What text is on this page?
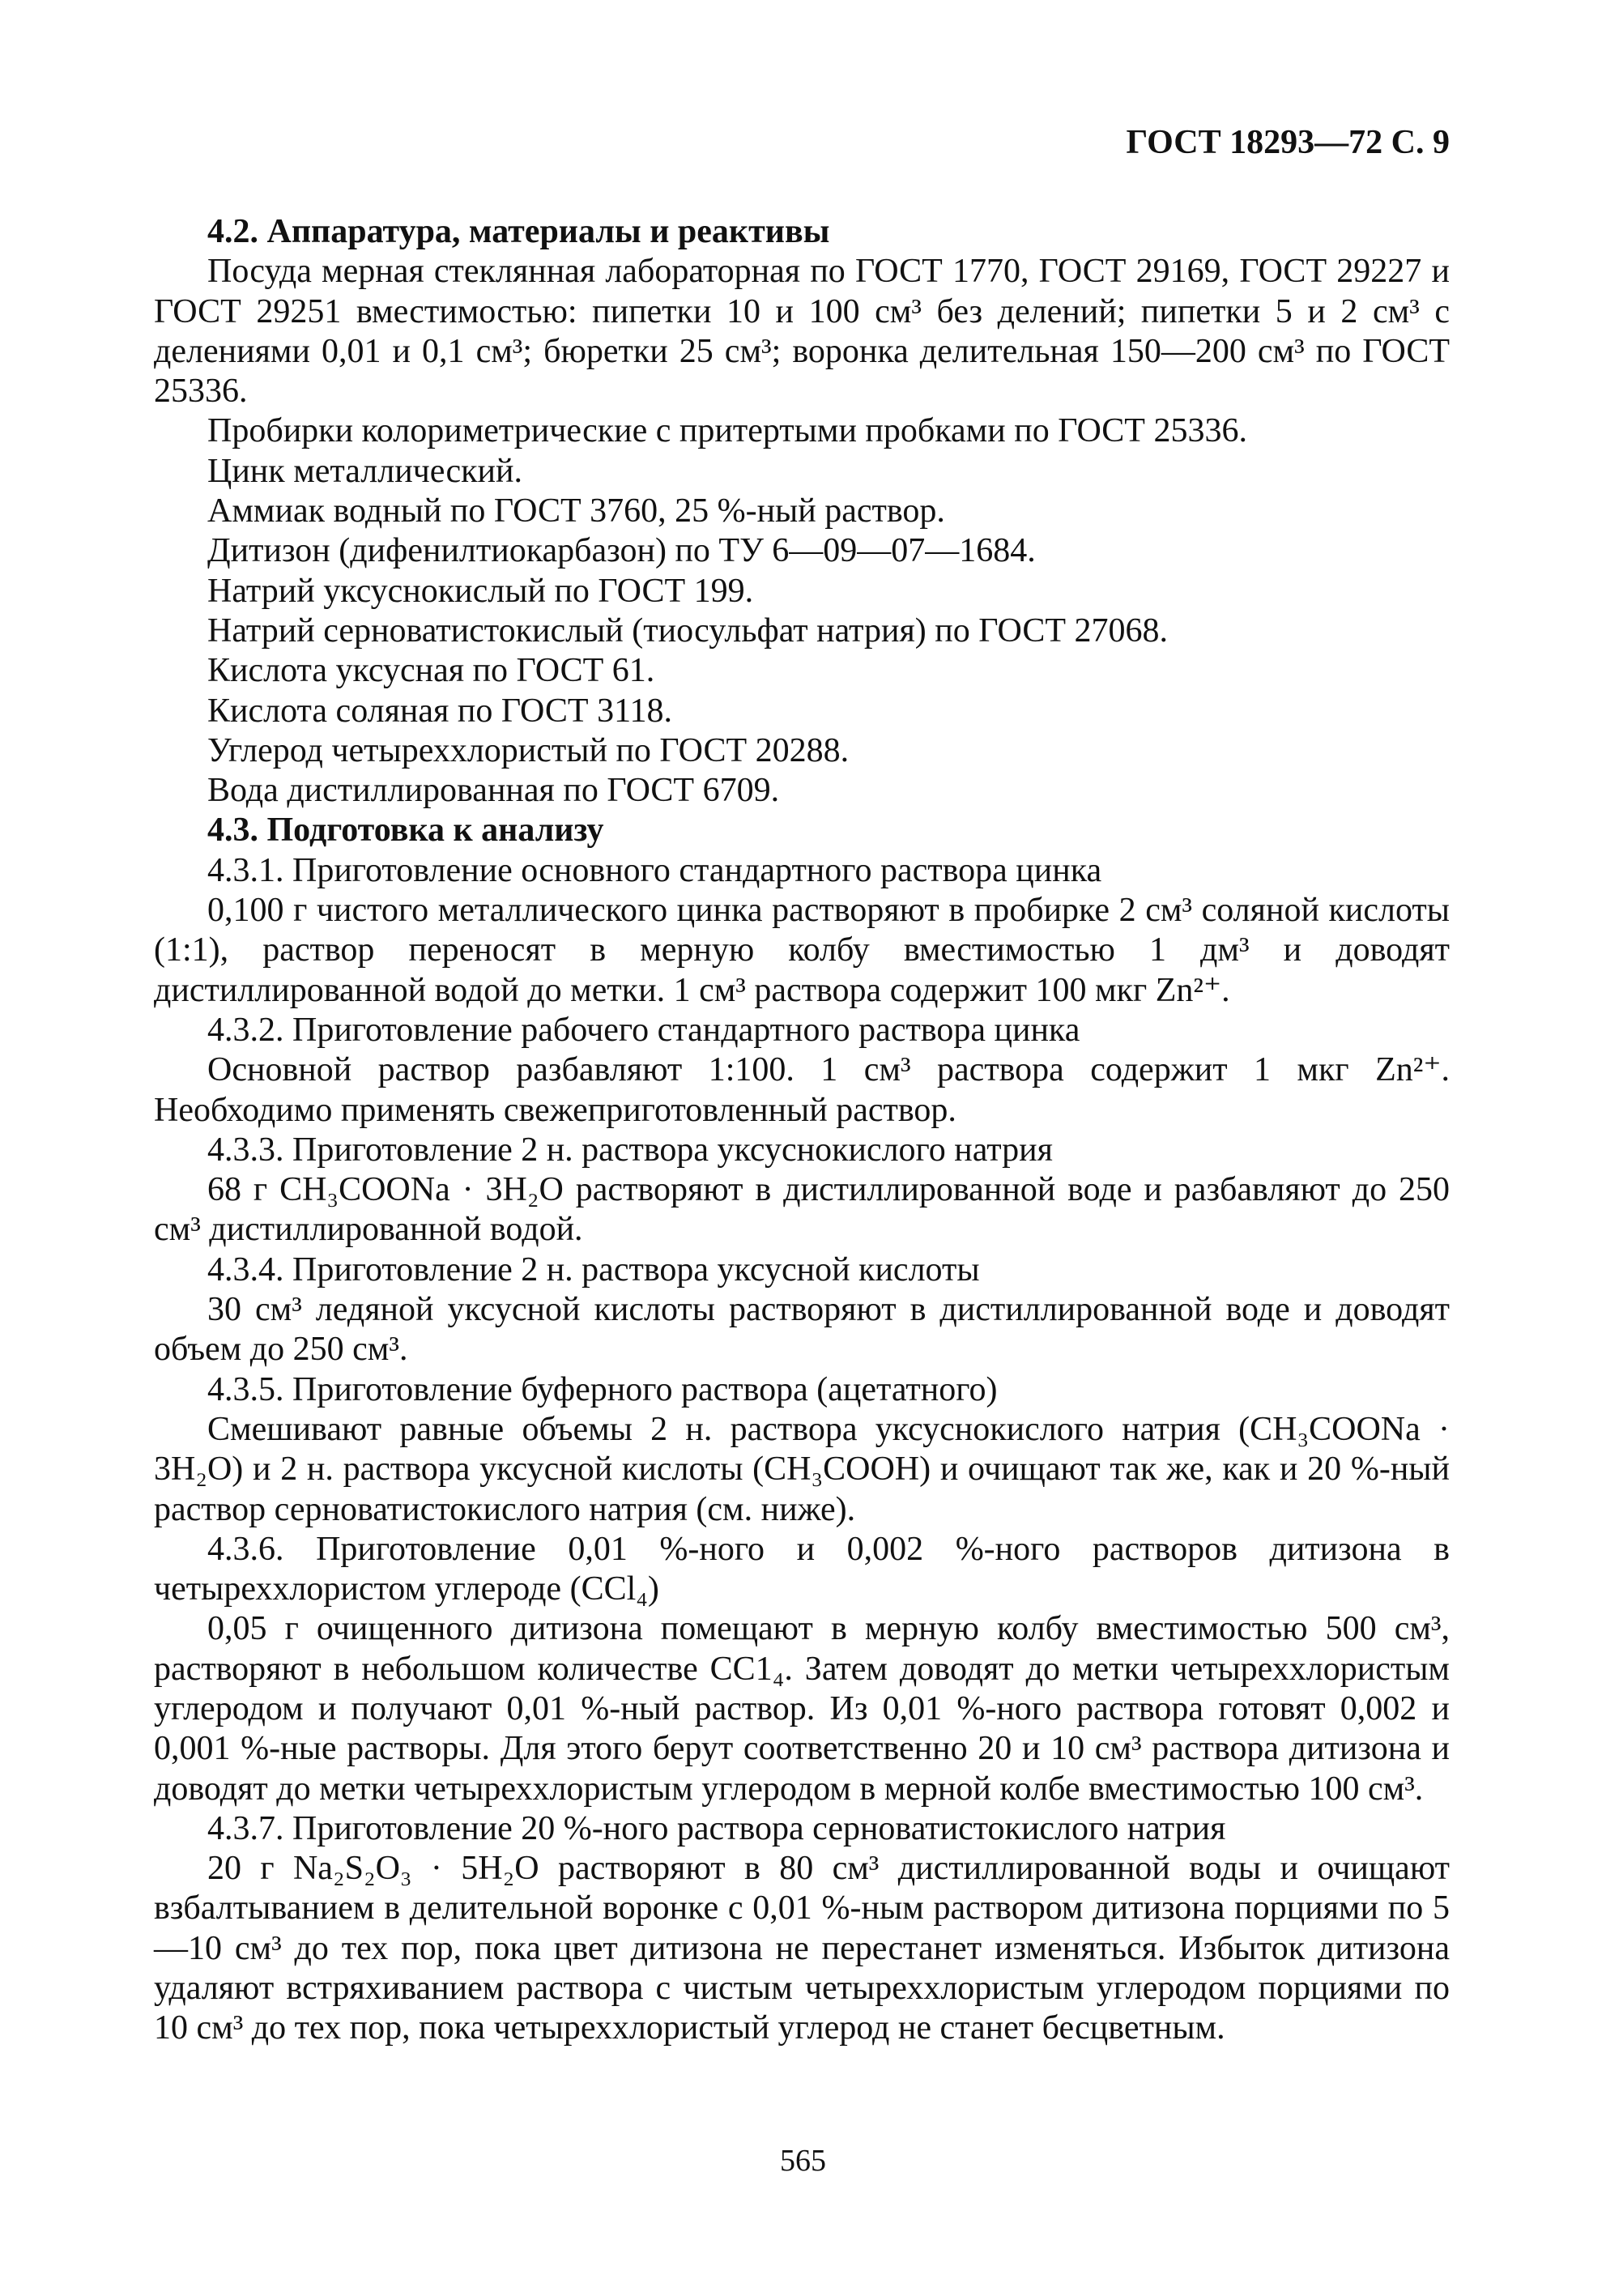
ГОСТ 18293—72 С. 9
4.2. Аппаратура, материалы и реактивы

Посуда мерная стеклянная лабораторная по ГОСТ 1770, ГОСТ 29169, ГОСТ 29227 и ГОСТ 29251 вместимостью: пипетки 10 и 100 см³ без делений; пипетки 5 и 2 см³ с делениями 0,01 и 0,1 см³; бюретки 25 см³; воронка делительная 150—200 см³ по ГОСТ 25336.

Пробирки колориметрические с притертыми пробками по ГОСТ 25336.

Цинк металлический.

Аммиак водный по ГОСТ 3760, 25 %-ный раствор.

Дитизон (дифенилтиокарбазон) по ТУ 6—09—07—1684.

Натрий уксуснокислый по ГОСТ 199.

Натрий серноватистокислый (тиосульфат натрия) по ГОСТ 27068.

Кислота уксусная по ГОСТ 61.

Кислота соляная по ГОСТ 3118.

Углерод четыреххлористый по ГОСТ 20288.

Вода дистиллированная по ГОСТ 6709.

4.3. Подготовка к анализу

4.3.1. Приготовление основного стандартного раствора цинка

0,100 г чистого металлического цинка растворяют в пробирке 2 см³ соляной кислоты (1:1), раствор переносят в мерную колбу вместимостью 1 дм³ и доводят дистиллированной водой до метки. 1 см³ раствора содержит 100 мкг Zn²⁺.

4.3.2. Приготовление рабочего стандартного раствора цинка

Основной раствор разбавляют 1:100. 1 см³ раствора содержит 1 мкг Zn²⁺. Необходимо применять свежеприготовленный раствор.

4.3.3. Приготовление 2 н. раствора уксуснокислого натрия

68 г CH₃COONa · 3H₂O растворяют в дистиллированной воде и разбавляют до 250 см³ дистиллированной водой.

4.3.4. Приготовление 2 н. раствора уксусной кислоты

30 см³ ледяной уксусной кислоты растворяют в дистиллированной воде и доводят объем до 250 см³.

4.3.5. Приготовление буферного раствора (ацетатного)

Смешивают равные объемы 2 н. раствора уксуснокислого натрия (CH₃COONa · 3H₂O) и 2 н. раствора уксусной кислоты (CH₃COOH) и очищают так же, как и 20 %-ный раствор серноватистокислого натрия (см. ниже).

4.3.6. Приготовление 0,01 %-ного и 0,002 %-ного растворов дитизона в четыреххлористом углероде (CCl₄)

0,05 г очищенного дитизона помещают в мерную колбу вместимостью 500 см³, растворяют в небольшом количестве CC1₄. Затем доводят до метки четыреххлористым углеродом и получают 0,01 %-ный раствор. Из 0,01 %-ного раствора готовят 0,002 и 0,001 %-ные растворы. Для этого берут соответственно 20 и 10 см³ раствора дитизона и доводят до метки четыреххлористым углеродом в мерной колбе вместимостью 100 см³.

4.3.7. Приготовление 20 %-ного раствора серноватистокислого натрия

20 г Na₂S₂O₃ · 5H₂O растворяют в 80 см³ дистиллированной воды и очищают взбалтыванием в делительной воронке с 0,01 %-ным раствором дитизона порциями по 5—10 см³ до тех пор, пока цвет дитизона не перестанет изменяться. Избыток дитизона удаляют встряхиванием раствора с чистым четыреххлористым углеродом порциями по 10 см³ до тех пор, пока четыреххлористый углерод не станет бесцветным.

565
